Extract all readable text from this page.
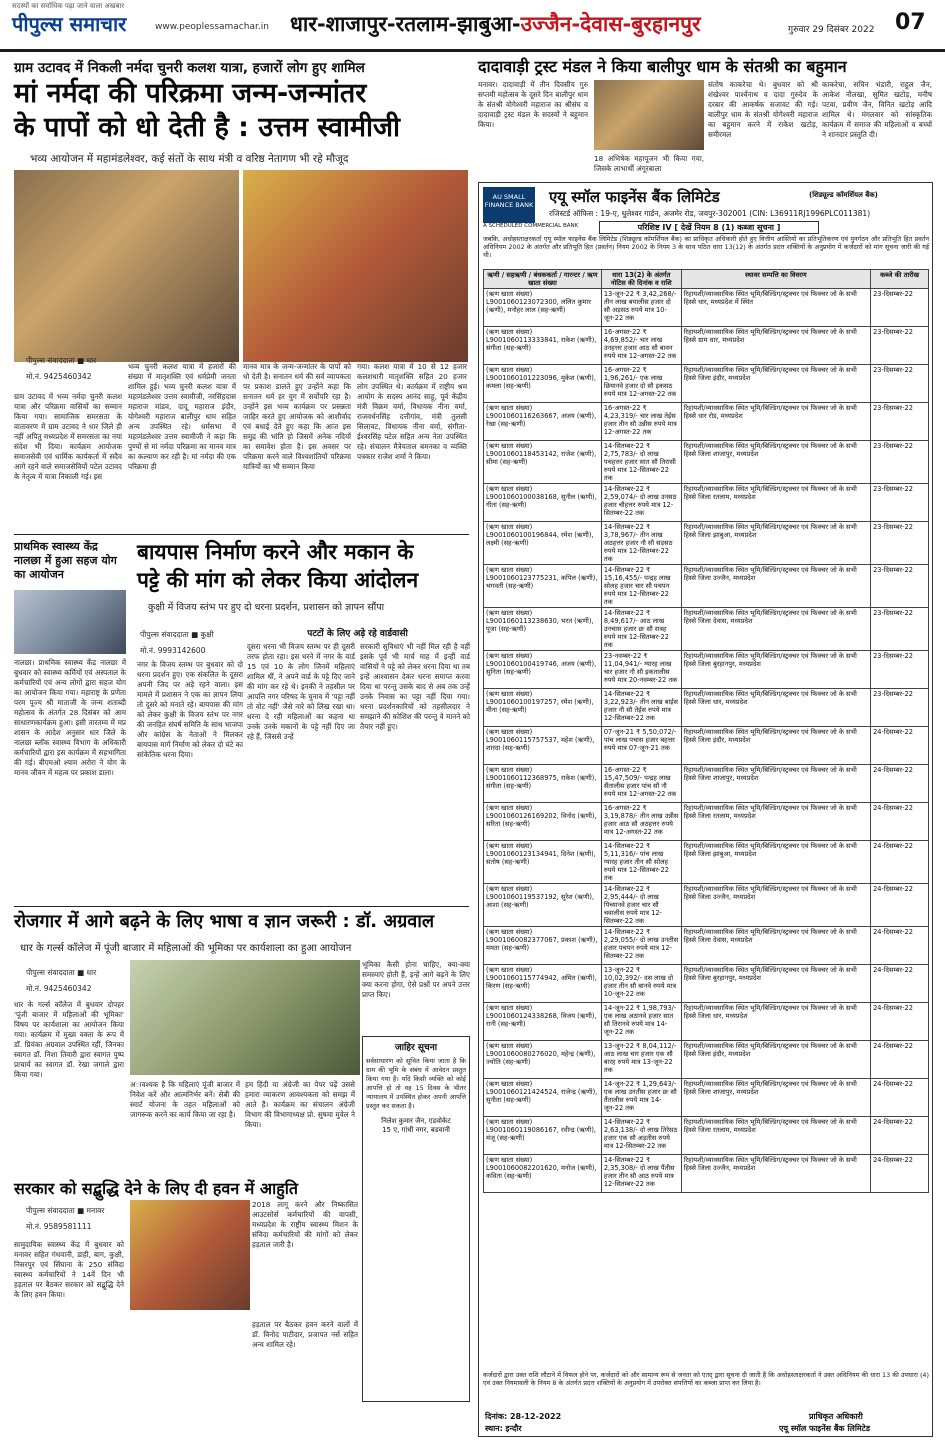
सदस्यों का सर्वाधिक पढ़ा जाने वाला अखबार
पीपुल्स समाचार	www.peoplessamachar.in धार-शाजापुर-रतलाम-झाबुआ-उज्जैन-देवास-बुरहानपुर	गुरुवार 29 दिसंबर 2022 07
ग्राम उटावद में निकली नर्मदा चुनरी कलश यात्रा, हजारों लोग हुए शामिल
मां नर्मदा की परिक्रमा जन्म-जन्मांतर
के पापों को धो देती है : उत्तम स्वामीजी
भव्य आयोजन में महामंडलेश्वर, कई संतों के साथ मंत्री व वरिष्ठ नेतागण भी रहे मौजूद
पीपुल्स संवाददाता ■ धार
मो.नं. 9425460342
ग्राम उटावद में भव्य नर्मदा चुनरी कलश यात्रा और परिक्रमा वासियों का सम्मान किया गया। सामाजिक समरसता के वातावरण में ग्राम उटावद ने धार जिले ही नहीं अपितु मध्यप्रदेश में समरसता का नया संदेश भी दिया। कार्यक्रम आयोजक समाजसेवी एवं धार्मिक कार्यकर्ता में सदैव आगे रहने वाले समाजसेवियों पटेल उटावद के नेतृत्व में यात्रा निकाली गई। इस
भव्य चुनरी कलश यात्रा में हजारों की संख्या में मातृशक्ति एवं धर्मप्रेमी जनता शामिल हुई। भव्य चुनरी कलश यात्रा में महामंडलेश्वर उत्तम स्वामीजी, नरसिंहदास महाराज मांडव, दादू महाराज इंदौर, योगेश्वरी महाराज बालीपुर धाम सहित अन्य उपस्थित रहे। धर्मसभा में महामंडलेश्वर उत्तम स्वामीजी ने कहा कि पुण्यों से मां नर्मदा परिक्रमा का मानव मात्र का कल्याण कर रही है। मां नर्मदा की एक परिक्रमा ही
मानव मात्र के जन्म-जन्मांतर के पापों को धो देती है। सनातन धर्म की सर्व व्यापकता पर प्रकाश डालते हुए उन्होंने कहा कि सनातन धर्म हर युग में सर्वोपरि रहा है। उन्होंने इस भव्य कार्यक्रम पर प्रसन्नता जाहिर करते हुए आयोजक को आशीर्वाद एवं बधाई देते हुए कहा कि आज इस समुद्र की भांति हो जिसमें अनेक नदियों का समावेश होता है। इस अवसर पर परिक्रमा करने वाले विश्वशांतियों परिक्रमा यात्रियों का भी सम्मान किया
गया। कलश यात्रा में 10 से 12 हजार कलशधारी मातृशक्ति सहित 20 हजार लोग उपस्थित थे। कार्यक्रम में राष्ट्रीय श्रम आयोग के सदस्य आनंद साहू, पूर्व केंद्रीय मंत्री विक्रम वर्मा, विधायक नीना वर्मा, राजवर्धनसिंह दत्तीगांव, मंत्री तुलसी सिलावट, विधायक नीना वर्मा, संगीता-ईश्वरसिंह पटेल सहित अन्य नेता उपस्थित रहे। संचालन मैत्रेयताल बमनका व व्यक्ति पत्रकार राजेश शर्मा ने किया।
प्राथमिक स्वास्थ्य केंद्र नालछा में हुआ सहज योग का आयोजन
नालछा। प्राथमिक स्वास्थ्य केंद्र नालछा में बुधवार को स्वास्थ्य कर्मियों एवं अस्पताल के कर्मचारियों एवं अन्य लोगों द्वारा सहज योग का आयोजन किया गया। महाराष्ट्र के प्रणेता परम पूज्य श्री माताजी के जन्म शताब्दी महोत्सव के अंतर्गत 28 दिसंबर को आम साधारणकार्यक्रम हुआ। इसी तारतम्य में मप्र शासन के आदेश अनुसार धार जिले के नालछा ब्लॉक स्वास्थ्य विभाग के अधिकारी कर्मचारियों द्वारा इस कार्यक्रम में सहभागिता की गई। बीएमओ श्याम अरोरा ने योग के मानव जीवन में महत्व पर प्रकाश डाला।
बायपास निर्माण करने और मकान के
पट्टे की मांग को लेकर किया आंदोलन
कुक्षी में विजय स्तंभ पर हुए दो धरना प्रदर्शन, प्रशासन को ज्ञापन सौंपा
पीपुल्स संवाददाता ■ कुक्षी
मो.नं. 9993142600
पटटों के लिए अड़े रहे वार्डवासी
नगर के विजय स्तम्भ पर बुधवार को दो धरना प्रदर्शन हुए। एक संकलित के दूसरा अपनी जिद पर अड़े रहने वाला। इस मामले में प्रशासन ने एक का ज्ञापन लिया तो दूसरे को मनाते रहे। बायपास की मांग को लेकर कुक्षी के विजय स्तंभ पर नगर की जनहित संघर्ष समिति के साथ भाजपा और कांग्रेस के नेताओं ने मिलकर बायपास मार्ग निर्माण को लेकर दो घंटे का सांकेतिक धरना दिया।
दूसरा धरना भी विजय स्तम्भ पर ही दूसरी तरफ होता रहा। इस धरने में नगर के वार्ड 15 एवं 10 के लोग जिनमें महिलाएं शामिल थीं, ने अपने वार्ड के पट्टे दिए जाने की मांग कर रहे थे। इनकी ने तहसील पर आपत्ति नगर परिषद के चुनाव में 'पट्टा नहीं तो वोट नहीं' जैसे नारे को लिख रखा था। धरना दे रही महिलाओं का कहना था उनके उनके मकानों के पट्टे नहीं दिए जा रहे हैं, जिससे उन्हें
सरकारी सुविधाएं भी नहीं मिल रही है वहीं इसके पूर्व भी मार्च माह में इन्हीं वार्ड वासियों ने पट्टे को लेकर धरना दिया था तब इन्हें आश्वासन देकर धरना समाप्त करवा दिया था परन्तु उसके बाद से अब तक उन्हें उनके निवास का पट्टा नहीं दिया गया। धरना प्रदर्शनकारियों को तहसीलदार ने समझाने की कोशिश की परन्तु वे मानने को तैयार नहीं हुए।
रोजगार में आगे बढ़ने के लिए भाषा व ज्ञान जरूरी : डॉ. अग्रवाल
धार के गर्ल्स कॉलेज में पूंजी बाजार में महिलाओं की भूमिका पर कार्यशाला का हुआ आयोजन
पीपुल्स संवाददाता ■ धार
मो.नं. 9425460342
धार के गर्ल्स कॉलेज में बुधवार दोपहर 'पूंजी बाजार में महिलाओं की भूमिका' विषय पर कार्यशाला का आयोजन किया गया। कार्यक्रम में मुख्य वक्ता के रूप में डॉ. प्रियंका अग्रवाल उपस्थित रहीं, जिनका स्वागत डॉ. निशा तिवारी द्वारा स्वागत पुष्प प्राचार्य का स्वागत डॉ. रेखा जगाले द्वारा किया गया।
अावश्यक है कि महिलाएं पूंजी बाजार में निवेश करें और आत्मनिर्भर बनें। सेबी की स्मार्ट योजना के तहत महिलाओं को जागरूक करने का कार्य किया जा रहा है।
हम हिंदी या अंग्रेजी का पेपर पढ़ें उससे हमारा व्याकरण आवश्यकता को समझ में आते हैं। कार्यक्रम का संचालन अंग्रेजी विभाग की विभागाध्यक्ष प्रो. सुषमा मुवेल ने किया।
भूमिका कैसी होना चाहिए, क्या-क्या समस्याएं होती हैं, इन्हें आगे बढ़ने के लिए क्या करना होगा, ऐसे प्रश्नों पर अपने उत्तर प्राप्त किए।
जाहिर सूचना
सर्वसाधारण को सूचित किया जाता है कि ग्राम की भूमि के संबंध में आवेदन प्रस्तुत किया गया है। यदि किसी व्यक्ति को कोई आपत्ति हो तो वह 15 दिवस के भीतर न्यायालय में उपस्थित होकर अपनी आपत्ति प्रस्तुत कर सकता है।
निलेश कुमार जैन, एडवोकेट
15 ए, गांधी नगर, बडवानी
सरकार को सद्बुद्धि देने के लिए दी हवन में आहुति
पीपुल्स संवाददाता ■ मनावर
मो.नं. 9589581111
सामुदायिक स्वास्थ्य केंद्र में बुधवार को मनावर सहित गंधवानी, डाही, बाग, कुक्षी, निसरपुर एवं सिंघाना के 250 संविदा स्वास्थ्य कर्मचारियों ने 14वें दिन भी हड़ताल पर बैठकर सरकार को सद्बुद्धि देने के लिए हवन किया।
2018 लागू करने और निष्कासित आउटसोर्स कर्मचारियों की वापसी, मध्यप्रदेश के राष्ट्रीय स्वास्थ्य मिशन के संविदा कर्मचारियों की मांगों को लेकर हड़ताल जारी है।
हड़ताल पर बैठकर हवन करने वालों में डॉ. विनोद पाटीदार, प्रजापत नर्स सहित अन्य शामिल रहे।
दादावाड़ी ट्रस्ट मंडल ने किया बालीपुर धाम के संतश्री का बहुमान
मनावर। दादावाड़ी में तीन दिवसीय गुरु सप्तमी महोत्सव के दूसरे दिन बालीपुर धाम के संतश्री योगेश्वरी महाराज का श्रीसंघ व दादावाड़ी ट्रस्ट मंडल के सदस्यों ने बहुमान किया।
18 अभिषेक महापूजन भी किया गया, जिसके लाभार्थी अंगूरबाला
संतोष काकरेचा थे। बुधवार को श्री शंखेश्वर पार्श्वनाथ व दादा गुरुदेव के दरबार की आकर्षक सजावट की गई। बालीपुर धाम के संतश्री योगेश्वरी महाराज का बहुमान करने में राकेश खटोड़, समीरमल
काकरेचा, सचिन भंडारी, राहुल जैन, आकेश नौलखा, सुमित खटोड़, मनीष पटवा, प्रवीण जैन, विनित खटोड़ आदि शामिल थे। मंगलवार को सांस्कृतिक कार्यक्रम में समाज की महिलाओं व बच्चों ने शानदार प्रस्तुति दी।
AU SMALL FINANCE BANK
A SCHEDULED COMMERCIAL BANK
एयू स्मॉल फाइनेंस बैंक लिमिटेड	(शिड्यूल्ड कॉमर्शियल बैंक)
रजिस्टर्ड ऑफिस : 19-ए, धुलेश्वर गार्डन, अजमेर रोड, जयपुर-302001 (CIN: L36911RJ1996PLC011381)
परिशिष्ट IV [ देखें नियम 8 (1) कब्जा सूचना ]
जबकि, अधोहस्ताक्षरकर्ता एयू स्मॉल फाइनेंस बैंक लिमिटेड (शिड्यूल्ड कॉमर्शियल बैंक) का प्राधिकृत अधिकारी होते हुए वित्तीय आस्तियों का प्रतिभूतिकरण एवं पुनर्गठन और प्रतिभूति हित प्रवर्तन अधिनियम 2002 के अंतर्गत और प्रतिभूति हित (प्रवर्तन) नियम 2002 के नियम 3 के साथ पठित धारा 13(12) के अंतर्गत प्रदत्त शक्तियों के अनुप्रयोग में कर्जदारों को मांग सूचना जारी की गई थी।
ऋणी / सहऋणी / बंधककर्ता / गारन्टर / ऋण खाता संख्या	धारा 13(2) के अंतर्गत नोटिस की दिनांक व राशि	स्थावर सम्पत्ति का विवरण	कब्जे की तारीख
(ऋण खाता संख्या) L9001060123072300, ललित कुमार (ऋणी), मनोहर लाल (सह-ऋणी)	13-जून-22 ₹ 3,42,268/- तीन लाख बयालीस हजार दो सौ अड़सठ रुपये मात्र 10-जून-22 तक	रिहायशी/व्यावसायिक स्थित भूमि/बिल्डिंग/स्ट्रक्चर एवं फिक्चर जो के सभी हिस्से धार, मध्यप्रदेश में स्थित	23-दिसम्बर-22
(ऋण खाता संख्या) L9001060113333841, राकेश (ऋणी), संगीता (सह-ऋणी)	16-अगस्त-22 ₹ 4,69,852/- चार लाख उनहत्तर हजार आठ सौ बावन रुपये मात्र 12-अगस्त-22 तक	रिहायशी/व्यावसायिक स्थित भूमि/बिल्डिंग/स्ट्रक्चर एवं फिक्चर जो के सभी हिस्से ग्राम धार, मध्यप्रदेश	23-दिसम्बर-22
(ऋण खाता संख्या) L9001060101223096, मुकेश (ऋणी), कमला (सह-ऋणी)	16-अगस्त-22 ₹ 1,96,261/- एक लाख छियानवे हजार दो सौ इकसठ रुपये मात्र 12-अगस्त-22 तक	रिहायशी/व्यावसायिक स्थित भूमि/बिल्डिंग/स्ट्रक्चर एवं फिक्चर जो के सभी हिस्से जिला इंदौर, मध्यप्रदेश	23-दिसम्बर-22
(ऋण खाता संख्या) L9001060116263667, अजय (ऋणी), रेखा (सह-ऋणी)	16-अगस्त-22 ₹ 4,23,319/- चार लाख तेईस हजार तीन सौ उन्नीस रुपये मात्र 12-अगस्त-22 तक	रिहायशी/व्यावसायिक स्थित भूमि/बिल्डिंग/स्ट्रक्चर एवं फिक्चर जो के सभी हिस्से धार रोड, मध्यप्रदेश	23-दिसम्बर-22
(ऋण खाता संख्या) L9001060118453142, राजेश (ऋणी), सीमा (सह-ऋणी)	14-सितम्बर-22 ₹ 2,75,783/- दो लाख पचहत्तर हजार सात सौ तिरासी रुपये मात्र 12-सितम्बर-22 तक	रिहायशी/व्यावसायिक स्थित भूमि/बिल्डिंग/स्ट्रक्चर एवं फिक्चर जो के सभी हिस्से जिला शाजापुर, मध्यप्रदेश	23-दिसम्बर-22
(ऋण खाता संख्या) L9001060100038168, सुनील (ऋणी), गीता (सह-ऋणी)	14-सितम्बर-22 ₹ 2,59,074/- दो लाख उनसठ हजार चौहत्तर रुपये मात्र 12-सितम्बर-22 तक	रिहायशी/व्यावसायिक स्थित भूमि/बिल्डिंग/स्ट्रक्चर एवं फिक्चर जो के सभी हिस्से जिला रतलाम, मध्यप्रदेश	23-दिसम्बर-22
(ऋण खाता संख्या) L9001060100196844, रमेश (ऋणी), लक्ष्मी (सह-ऋणी)	14-सितम्बर-22 ₹ 3,78,967/- तीन लाख अठहत्तर हजार नौ सौ सड़सठ रुपये मात्र 12-सितम्बर-22 तक	रिहायशी/व्यावसायिक स्थित भूमि/बिल्डिंग/स्ट्रक्चर एवं फिक्चर जो के सभी हिस्से जिला झाबुआ, मध्यप्रदेश	23-दिसम्बर-22
(ऋण खाता संख्या) L9001060123775231, कपिल (ऋणी), भगवती (सह-ऋणी)	14-सितम्बर-22 ₹ 15,16,455/- पन्द्रह लाख सोलह हजार चार सौ पचपन रुपये मात्र 12-सितम्बर-22 तक	रिहायशी/व्यावसायिक स्थित भूमि/बिल्डिंग/स्ट्रक्चर एवं फिक्चर जो के सभी हिस्से जिला उज्जैन, मध्यप्रदेश	23-दिसम्बर-22
(ऋण खाता संख्या) L9001060113238630, भरत (ऋणी), पूजा (सह-ऋणी)	14-सितम्बर-22 ₹ 8,49,617/- आठ लाख उनचास हजार छः सौ सत्रह रुपये मात्र 12-सितम्बर-22 तक	रिहायशी/व्यावसायिक स्थित भूमि/बिल्डिंग/स्ट्रक्चर एवं फिक्चर जो के सभी हिस्से जिला देवास, मध्यप्रदेश	23-दिसम्बर-22
(ऋण खाता संख्या) L9001060100419746, अजय (ऋणी), सुनिता (सह-ऋणी)	23-नवम्बर-22 ₹ 11,04,941/- ग्यारह लाख चार हजार नौ सौ इकतालीस रुपये मात्र 20-नवम्बर-22 तक	रिहायशी/व्यावसायिक स्थित भूमि/बिल्डिंग/स्ट्रक्चर एवं फिक्चर जो के सभी हिस्से जिला बुरहानपुर, मध्यप्रदेश	23-दिसम्बर-22
(ऋण खाता संख्या) L9001060100197257, रमेश (ऋणी), मीना (सह-ऋणी)	14-सितम्बर-22 ₹ 3,22,923/- तीन लाख बाईस हजार नौ सौ तेईस रुपये मात्र 12-सितम्बर-22 तक	रिहायशी/व्यावसायिक स्थित भूमि/बिल्डिंग/स्ट्रक्चर एवं फिक्चर जो के सभी हिस्से जिला धार, मध्यप्रदेश	23-दिसम्बर-22
(ऋण खाता संख्या) L9001060115757537, महेश (ऋणी), शारदा (सह-ऋणी)	07-जून-21 ₹ 5,50,072/- पांच लाख पचास हजार बहत्तर रुपये मात्र 07-जून-21 तक	रिहायशी/व्यावसायिक स्थित भूमि/बिल्डिंग/स्ट्रक्चर एवं फिक्चर जो के सभी हिस्से जिला इंदौर, मध्यप्रदेश	24-दिसम्बर-22
(ऋण खाता संख्या) L9001060112368975, राकेश (ऋणी), संगीता (सह-ऋणी)	16-अगस्त-22 ₹ 15,47,509/- पन्द्रह लाख सैंतालीस हजार पांच सौ नौ रुपये मात्र 12-अगस्त-22 तक	रिहायशी/व्यावसायिक स्थित भूमि/बिल्डिंग/स्ट्रक्चर एवं फिक्चर जो के सभी हिस्से जिला शाजापुर, मध्यप्रदेश	24-दिसम्बर-22
(ऋण खाता संख्या) L9001060126169202, विनोद (ऋणी), सरिता (सह-ऋणी)	16-अगस्त-22 ₹ 3,19,878/- तीन लाख उन्नीस हजार आठ सौ अठहत्तर रुपये मात्र 12-अगस्त-22 तक	रिहायशी/व्यावसायिक स्थित भूमि/बिल्डिंग/स्ट्रक्चर एवं फिक्चर जो के सभी हिस्से जिला रतलाम, मध्यप्रदेश	24-दिसम्बर-22
(ऋण खाता संख्या) L9001060123134941, दिनेश (ऋणी), संतोष (सह-ऋणी)	14-सितम्बर-22 ₹ 5,11,316/- पांच लाख ग्यारह हजार तीन सौ सोलह रुपये मात्र 12-सितम्बर-22 तक	रिहायशी/व्यावसायिक स्थित भूमि/बिल्डिंग/स्ट्रक्चर एवं फिक्चर जो के सभी हिस्से जिला झाबुआ, मध्यप्रदेश	24-दिसम्बर-22
(ऋण खाता संख्या) L9001060119537192, सुरेश (ऋणी), आशा (सह-ऋणी)	14-सितम्बर-22 ₹ 2,95,444/- दो लाख पिच्यानवे हजार चार सौ चवालीस रुपये मात्र 12-सितम्बर-22 तक	रिहायशी/व्यावसायिक स्थित भूमि/बिल्डिंग/स्ट्रक्चर एवं फिक्चर जो के सभी हिस्से जिला उज्जैन, मध्यप्रदेश	24-दिसम्बर-22
(ऋण खाता संख्या) L9001060082377067, प्रकाश (ऋणी), ममता (सह-ऋणी)	14-सितम्बर-22 ₹ 2,29,055/- दो लाख उनतीस हजार पचपन रुपये मात्र 12-सितम्बर-22 तक	रिहायशी/व्यावसायिक स्थित भूमि/बिल्डिंग/स्ट्रक्चर एवं फिक्चर जो के सभी हिस्से जिला देवास, मध्यप्रदेश	24-दिसम्बर-22
(ऋण खाता संख्या) L9001060115774942, अमित (ऋणी), किरण (सह-ऋणी)	13-जून-22 ₹ 10,02,392/- दस लाख दो हजार तीन सौ बानवे रुपये मात्र 10-जून-22 तक	रिहायशी/व्यावसायिक स्थित भूमि/बिल्डिंग/स्ट्रक्चर एवं फिक्चर जो के सभी हिस्से जिला बुरहानपुर, मध्यप्रदेश	24-दिसम्बर-22
(ऋण खाता संख्या) L9001060124338268, विजय (ऋणी), रानी (सह-ऋणी)	14-जून-22 ₹ 1,98,793/- एक लाख अठानवे हजार सात सौ तिरानवे रुपये मात्र 14-जून-22 तक	रिहायशी/व्यावसायिक स्थित भूमि/बिल्डिंग/स्ट्रक्चर एवं फिक्चर जो के सभी हिस्से जिला धार, मध्यप्रदेश	24-दिसम्बर-22
(ऋण खाता संख्या) L9001060080276020, महेन्द्र (ऋणी), ज्योति (सह-ऋणी)	13-जून-22 ₹ 8,04,112/- आठ लाख चार हजार एक सौ बारह रुपये मात्र 13-जून-22 तक	रिहायशी/व्यावसायिक स्थित भूमि/बिल्डिंग/स्ट्रक्चर एवं फिक्चर जो के सभी हिस्से जिला इंदौर, मध्यप्रदेश	24-दिसम्बर-22
(ऋण खाता संख्या) L9001060121424524, राजेन्द्र (ऋणी), सुनीता (सह-ऋणी)	14-जून-22 ₹ 1,29,643/- एक लाख उनतीस हजार छः सौ तैंतालीस रुपये मात्र 14-जून-22 तक	रिहायशी/व्यावसायिक स्थित भूमि/बिल्डिंग/स्ट्रक्चर एवं फिक्चर जो के सभी हिस्से जिला शाजापुर, मध्यप्रदेश	24-दिसम्बर-22
(ऋण खाता संख्या) L9001060119086167, रवीन्द्र (ऋणी), मंजू (सह-ऋणी)	14-सितम्बर-22 ₹ 2,63,138/- दो लाख तिरेसठ हजार एक सौ अड़तीस रुपये मात्र 12-सितम्बर-22 तक	रिहायशी/व्यावसायिक स्थित भूमि/बिल्डिंग/स्ट्रक्चर एवं फिक्चर जो के सभी हिस्से जिला रतलाम, मध्यप्रदेश	24-दिसम्बर-22
(ऋण खाता संख्या) L9001060082201620, मनोज (ऋणी), कविता (सह-ऋणी)	14-सितम्बर-22 ₹ 2,35,308/- दो लाख पैंतीस हजार तीन सौ आठ रुपये मात्र 12-सितम्बर-22 तक	रिहायशी/व्यावसायिक स्थित भूमि/बिल्डिंग/स्ट्रक्चर एवं फिक्चर जो के सभी हिस्से जिला उज्जैन, मध्यप्रदेश	24-दिसम्बर-22
कर्जदारों द्वारा उक्त राशि लौटाने में विफल होने पर, कर्जदारों को और सामान्य रूप से जनता को एतद् द्वारा सूचना दी जाती है कि अधोहस्ताक्षरकर्ता ने उक्त अधिनियम की धारा 13 की उपधारा (4) एवं उक्त नियमावली के नियम 8 के अंतर्गत प्रदत्त शक्तियों के अनुप्रयोग में उपरोक्त संपत्तियों का कब्जा प्राप्त कर लिया है।
दिनांक: 28-12-2022
स्थान: इन्दौर
प्राधिकृत अधिकारी
एयू स्मॉल फाइनेंस बैंक लिमिटेड
